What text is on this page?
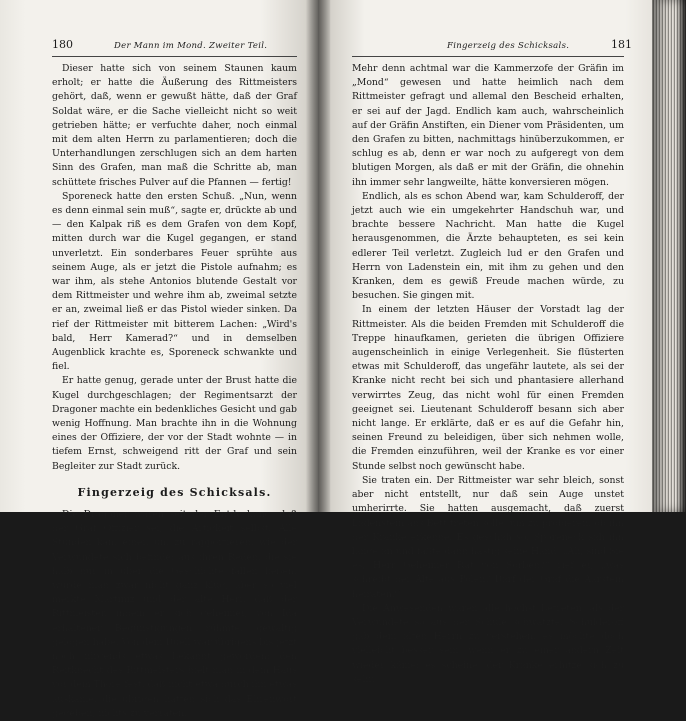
180	Der Mann im Mond. Zweiter Teil.

Dieser hatte sich von seinem Staunen kaum erholt; er hatte die Äußerung des Rittmeisters gehört, daß, wenn er gewußt hätte, daß der Graf Soldat wäre, er die Sache vielleicht nicht so weit getrieben hätte; er verfuchte daher, noch einmal mit dem alten Herrn zu parlamentieren; doch die Unterhandlungen zerschlugen sich an dem harten Sinn des Grafen, man maß die Schritte ab, man schüttete frisches Pulver auf die Pfannen — fertig!

Sporeneck hatte den ersten Schuß. „Nun, wenn es denn einmal sein muß“, sagte er, drückte ab und — den Kalpak riß es dem Grafen von dem Kopf, mitten durch war die Kugel gegangen, er stand unverletzt. Ein sonderbares Feuer sprühte aus seinem Auge, als er jetzt die Pistole aufnahm; es war ihm, als stehe Antonios blutende Gestalt vor dem Rittmeister und wehre ihm ab, zweimal setzte er an, zweimal ließ er das Pistol wieder sinken. Da rief der Rittmeister mit bitterem Lachen: „Wird's bald, Herr Kamerad?“ und in demselben Augenblick krachte es, Sporeneck schwankte und fiel.

Er hatte genug, gerade unter der Brust hatte die Kugel durchgeschlagen; der Regimentsarzt der Dragoner machte ein bedenkliches Gesicht und gab wenig Hoffnung. Man brachte ihn in die Wohnung eines der Offiziere, der vor der Stadt wohnte — in tiefem Ernst, schweigend ritt der Graf und sein Begleiter zur Stadt zurück.

Fingerzeig des Schicksals.

Die Dragoner waren seit der Entdeckung, daß der Graf Offizier sei, die Artigkeit selbst. Alle Stunden kam einer, um zu rapportieren, wie der Verwundete sich befinde; aus ihren Reden, die sie halb nur in über die Geschichte fallen ließen, wurde man zwar nicht ganz klug, aber so viel merkte Martiniz und der alte Herr, daß der Rittmeister, indem er sich geheimer, von Ida erhaltener Begünstigungen rühmte, gewaltig gelogen habe. Von dem Duell war übrigens bis jetzt noch nirgends etwas bekannt geworden; den Reitknecht des Rittmeisters hielt man in dem Haus vor dem Thore fest, daß nicht etwa durch ihn etwas auskäme, die übrigen hatten sich das Ehrenwort gegeben, nichts zu verraten.

Fingerzeig des Schicksals.	181

Mehr denn achtmal war die Kammerzofe der Gräfin im „Mond“ gewesen und hatte heimlich nach dem Rittmeister gefragt und allemal den Bescheid erhalten, er sei auf der Jagd. Endlich kam auch, wahrscheinlich auf der Gräfin Anstiften, ein Diener vom Präsidenten, um den Grafen zu bitten, nachmittags hinüberzukommen, er schlug es ab, denn er war noch zu aufgeregt von dem blutigen Morgen, als daß er mit der Gräfin, die ohnehin ihn immer sehr langweilte, hätte konversieren mögen.

Endlich, als es schon Abend war, kam Schulderoff, der jetzt auch wie ein umgekehrter Handschuh war, und brachte bessere Nachricht. Man hatte die Kugel herausgenommen, die Ärzte behaupteten, es sei kein edlerer Teil verletzt. Zugleich lud er den Grafen und Herrn von Ladenstein ein, mit ihm zu gehen und den Kranken, dem es gewiß Freude machen würde, zu besuchen. Sie gingen mit.

In einem der letzten Häuser der Vorstadt lag der Rittmeister. Als die beiden Fremden mit Schulderoff die Treppe hinaufkamen, gerieten die übrigen Offiziere augenscheinlich in einige Verlegenheit. Sie flüsterten etwas mit Schulderoff, das ungefähr lautete, als sei der Kranke nicht recht bei sich und phantasiere allerhand verwirrtes Zeug, das nicht wohl für einen Fremden geeignet sei. Lieutenant Schulderoff besann sich aber nicht lange. Er erklärte, daß er es auf die Gefahr hin, seinen Freund zu beleidigen, über sich nehmen wolle, die Fremden einzuführen, weil der Kranke es vor einer Stunde selbst noch gewünscht habe.

Sie traten ein. Der Rittmeister war sehr bleich, sonst aber nicht entstellt, nur daß sein Auge unstet umherirrte. Sie hatten ausgemacht, daß zuerst Ladenstein ans Bett treten solle, um zu probieren, ob ihn der Kranke erkenne. Es geschah so. Sporeneck sah ihn lange an und faßte dann hastig seine Hand: „Ah, sind Sie es, Herr Geheimer Rat von Sorben?“ rief er, „was schreibt der Alte aus Polen? Darf der Graf die Aarstein heiraten?“

Die Anwesenden waren alle höchst betreten, als der Verwundete so aus der Schule schwatzte; Schulderoff gab dem alten Herrn zu verstehen, es möchte doch vielleicht besser sein, wenn er zu einer andern Zeit wieder käme; es scheine, der Kranke erhitze sich zu sehr.
